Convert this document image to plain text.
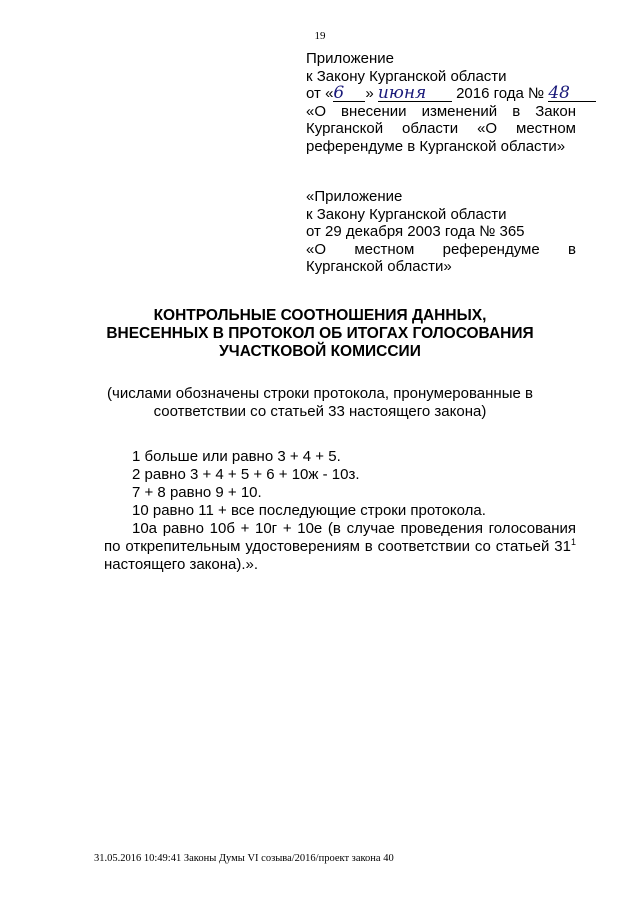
19
Приложение
к Закону Курганской области
от «6 » июня 2016 года № 48
«О внесении изменений в Закон
Курганской области «О местном
референдуме в Курганской области»
«Приложение
к Закону Курганской области
от 29 декабря 2003 года № 365
«О местном референдуме в
Курганской области»
КОНТРОЛЬНЫЕ СООТНОШЕНИЯ ДАННЫХ,
ВНЕСЕННЫХ В ПРОТОКОЛ ОБ ИТОГАХ ГОЛОСОВАНИЯ
УЧАСТКОВОЙ КОМИССИИ
(числами обозначены строки протокола, пронумерованные в
соответствии со статьей 33 настоящего закона)
1 больше или равно 3 + 4 + 5.
2 равно 3 + 4 + 5 + 6 + 10ж - 10з.
7 + 8 равно 9 + 10.
10 равно 11 + все последующие строки протокола.
10а равно 10б + 10г + 10е (в случае проведения голосования по открепительным удостоверениям в соответствии со статьей 31$^1$ настоящего закона).».
31.05.2016 10:49:41 Законы Думы VI созыва/2016/проект закона 40
